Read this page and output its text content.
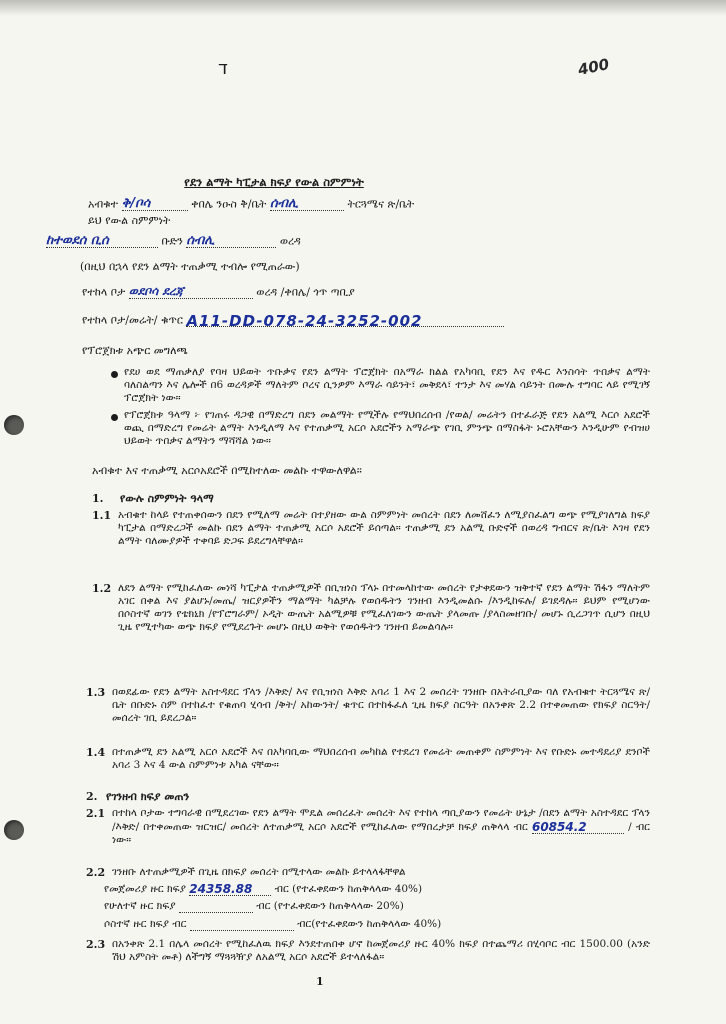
ד	400
የደን ልማት ካፒታል ክፍያ የውል ስምምነት
አብቁተ ቅ/ቦሳ	ቀበሌ ንዑስ ቅ/ቤት ሰብሊ	ትርጓሜና ጽ/ቤት
ይህ የውል ስምምነት
ከተወደሰ ቢሰ	ቡድን ሰብሊ	ወረዳ
(በዚህ በኋላ የደን ልማት ተጠቃሚ ተብሎ የሚጠራው)
የተከላ ቦታ ወደቦሳ ደረጃ	ወረዳ /ቀበሌ/ ጎጥ ጣቢያ
የተከላ ቦታ/መሬት/ ቁጥር A11-DD-078-24-3252-002
የፕሮጀክቱ አጭር መግለጫ
የደሀ ወደ ማጠቃለያ የባዛ ህይወት ጥቡቃና የደን ልማት ፕሮጀክት በአማራ ክልል የአካባቢ የደን እና የዱር እንስሳት ጥበቃና ልማት ባለስልጣን እና ሌሎች በ6 ወረዳዎች ማለትም ቦረና ሲንዎም እማራ ሳይንት፣ መቅደላ፣ ተንታ እና መሃል ሳይንት በሙሉ ተግባር ላይ የሚገኝ ፕሮጀክት ነው።
የፕሮጀክቱ ዓላማ ፦ የገጠሩ ዳጋዊ በማድረግ በደን መልማት የሚችሉ የማህበረሰብ /የወል/ መሬትን በተፈራጅ የደን አልሚ እርሶ አደሮች ወጪ በማድረግ የመሬት ልማት እንዲለማ እና የተጠቃሚ አርሶ አደሮችን አማራጭ የገቢ ምንጭ በማስፋት ኑሮአቸውን እንዲሁም የብዝሀ ህይወት ጥበቃና ልማትን ማሻሻል ነው።
አብቁተ እና ተጠቃሚ አርሶአደሮች በሚከተለው መልኩ ተዋውለዋል፡፡
1. የውሉ ስምምነት ዓላማ
1.1 አብቁተ ከላይ የተጠቀሰውን በደን የሚለማ መሬት በተያዘው ውል ስምምነት መሰረት በደን ለመሸፈን ለሚያስፈልግ ወጭ የሚያገለግል ክፍያ ካፒታል በማድረጋች መልኩ በደን ልማት ተጠቃሚ አርሶ አደሮች ይሰጣል። ተጠቃሚ ደን አልሚ ቡድኖች በወረዳ ግብርና ጽ/ቤት እገዛ የደን ልማት ባለሙያዎች ተቀባይ ድጋፍ ይደረግላቸዋል።
1.2 ለደን ልማት የሚከፈለው መነሻ ካፒታል ተጠቃሚዎች በቢዝነስ ፕላኑ በተመላከተው መሰረት የታቀደውን ዝቅተኛ የደን ልማት ሽፋን ማለትም አገር በቀል እና ያልሆኑ/መጤ/ ዝርያዎችን ማልማት ካልቻሉ የወሰዱትን ገንዘብ እንዲመልሱ /እንዲከፍሉ/ ይገደዳሉ። ይህም የሚሆነው በሶስተኛ ወገን የቴክኒክ /የፕሮግራም/ ኦዲት ውጤት አልሚዎቹ የሚፈለገውን ውጤት ያላመጡ /ያላስመዘገቡ/ መሆኑ ሲረጋገጥ ሲሆን በዚህ ጊዜ የሚተካው ወጭ ክፍያ የሚደረጉት መሆኑ በዚህ ወቅት የወሰዱትን ገንዘብ ይመልሳሉ።
1.3 በወደፊው የደን ልማት አስተዳደር ፕላን /እቅድ/ እና የቢዝነስ እቅድ አባሪ 1 እና 2 መሰረት ገንዘቡ በአትራቢያው ባለ የአብቁተ ትርጓሜና ጽ/ቤት በቡድኑ ስም በተከፈተ የቁጠባ ሂሳብ /ቅት/ አከውንት/ ቁጥር በተከፋፈለ ጊዜ ክፍያ ስርዓት በአንቀጽ 2.2 በተቀመጠው የክፍያ ስርዓት/ መሰረት ገቢ ይደረጋል።
1.4 በተጠቃሚ ደን አልሚ አርሶ አደሮች እና በአካባቢው ማህበረሰብ መካከል የተደረገ የመሬት መጠቀም ስምምነት እና የቡድኑ መተዳደሪያ ደንቦች አባሪ 3 እና 4 ውል ስምምነቱ አካል ናቸው።
2. የገንዘብ ክፍያ መጠን
2.1 በተከላ ቦታው ተግባራዊ በሚደረገው የደን ልማት ሞዴል መሰረፈት መሰረት እና የተከላ ጣቢያውን የመሬት ሁኔታ /በደን ልማት አስተዳደር ፕላን /እቅድ/ በተቀመጠው ዝርዝር/ መሰረት ለተጠቃሚ አርሶ አደሮች የሚከፈለው የማበረታቻ ክፍያ ጠቅላላ ብር 60854.2	/ ብር ነው።
2.2 ገንዘቡ ለተጠቃሚዎች በጊዜ በክፍያ መሰረት በሚተላው መልኩ ይተላላፋቸዋል
የመጀመሪያ ዙር ክፍያ 24358.88 ብር (የተፈቀደውን ከጠቅላላው 40%)
የሁለተኛ ዙር ክፍያ	ብር (የተፈቀደውን ከጠቅላላው 20%)
ሶስተኛ ዙር ክፍያ ብር	ብር(የተፈቀደውን ከጠቅላላው 40%)
2.3 በአንቀጽ 2.1 በሌላ መሰረት የሚከፈለዉ ክፍያ እንደተጠበቀ ሆኖ ከመጀመሪያ ዙር 40% ክፍያ በተጨማሪ በሂሳቦር ብር 1500.00 (አንድ ሽህ አምስት መቶ) ለችግኝ ማጓጓዥያ ለአልሚ አርሶ አደሮች ይተላለፋል።
1
